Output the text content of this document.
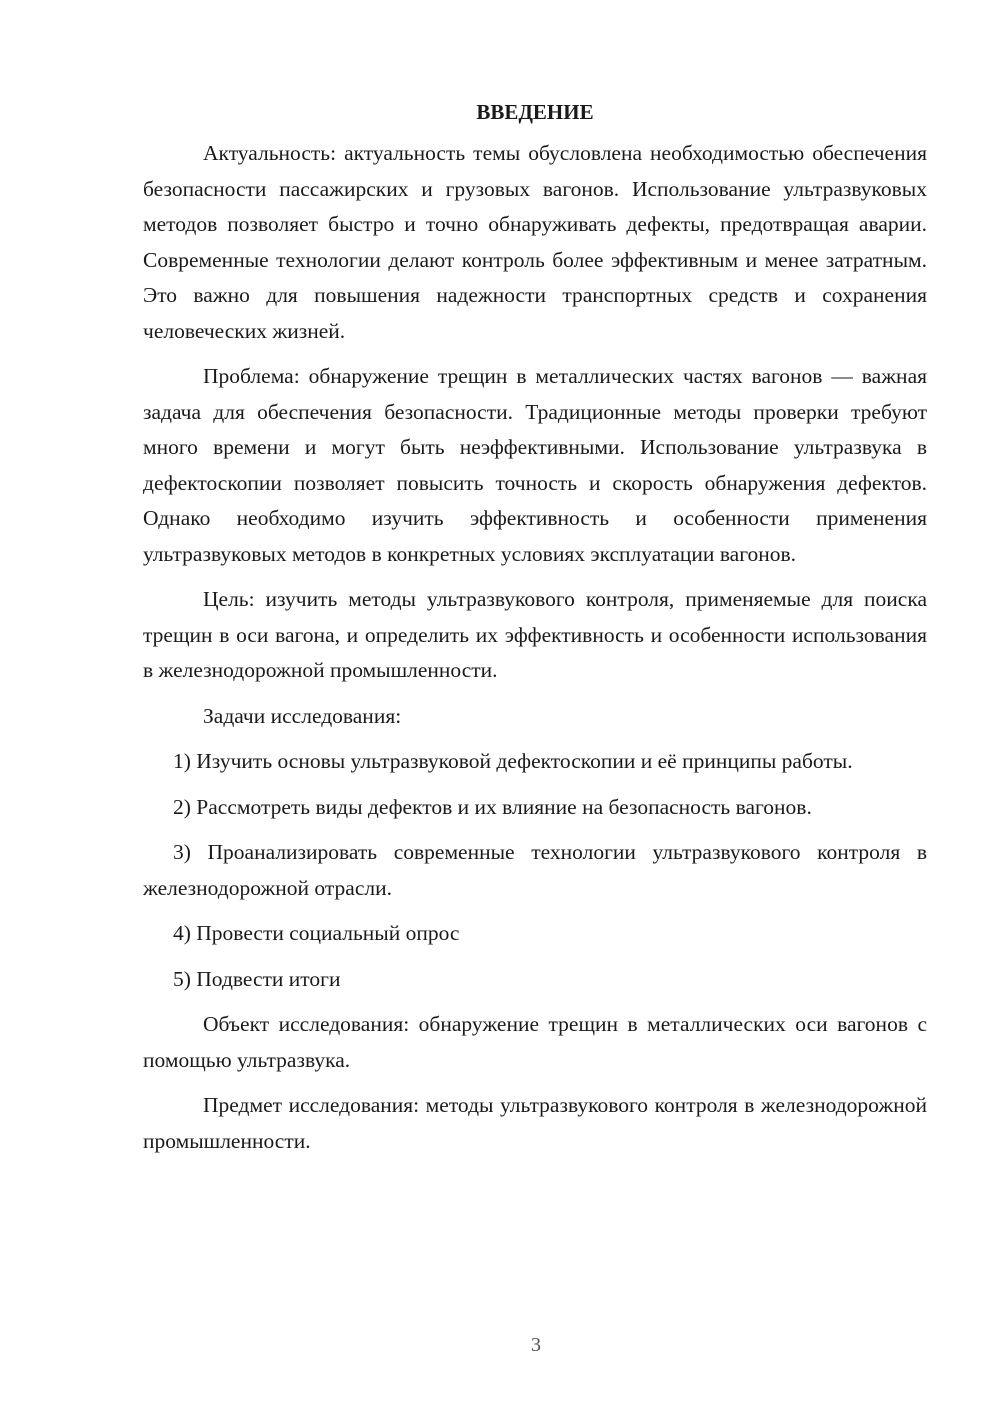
ВВЕДЕНИЕ

Актуальность: актуальность темы обусловлена необходимостью обеспечения безопасности пассажирских и грузовых вагонов. Использование ультразвуковых методов позволяет быстро и точно обнаруживать дефекты, предотвращая аварии. Современные технологии делают контроль более эффективным и менее затратным. Это важно для повышения надежности транспортных средств и сохранения человеческих жизней.

Проблема: обнаружение трещин в металлических частях вагонов — важная задача для обеспечения безопасности. Традиционные методы проверки требуют много времени и могут быть неэффективными. Использование ультразвука в дефектоскопии позволяет повысить точность и скорость обнаружения дефектов. Однако необходимо изучить эффективность и особенности применения ультразвуковых методов в конкретных условиях эксплуатации вагонов.

Цель: изучить методы ультразвукового контроля, применяемые для поиска трещин в оси вагона, и определить их эффективность и особенности использования в железнодорожной промышленности.

Задачи исследования:

1) Изучить основы ультразвуковой дефектоскопии и её принципы работы.

2) Рассмотреть виды дефектов и их влияние на безопасность вагонов.

3) Проанализировать современные технологии ультразвукового контроля в железнодорожной отрасли.

4) Провести социальный опрос

5) Подвести итоги

Объект исследования: обнаружение трещин в металлических оси вагонов с помощью ультразвука.

Предмет исследования: методы ультразвукового контроля в железнодорожной промышленности.

3
